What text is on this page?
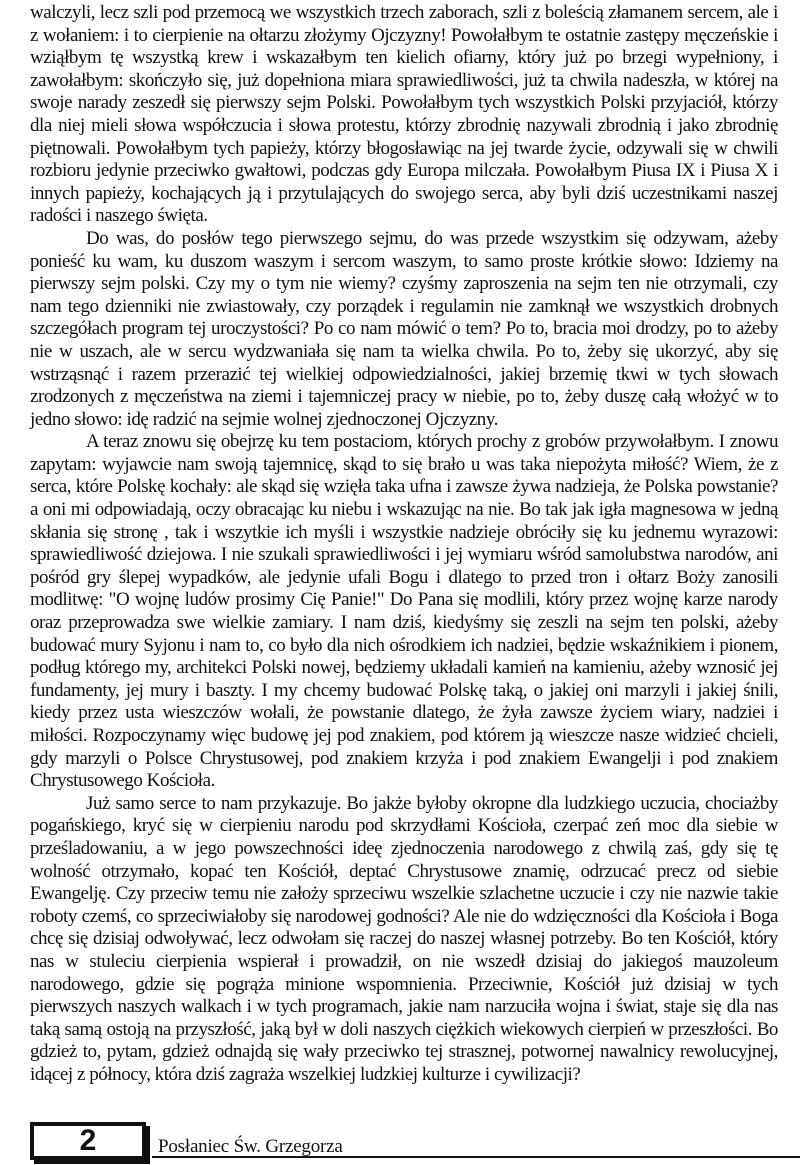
walczyli, lecz szli pod przemocą we wszystkich trzech zaborach, szli z boleścią złamanem sercem, ale i z wołaniem: i to cierpienie na ołtarzu złożymy Ojczyzny! Powołałbym te ostatnie zastępy męczeńskie i wziąłbym tę wszystką krew i wskazałbym ten kielich ofiarny, który już po brzegi wypełniony, i zawołałbym: skończyło się, już dopełniona miara sprawiedliwości, już ta chwila nadeszła, w której na swoje narady zeszedł się pierwszy sejm Polski. Powołałbym tych wszystkich Polski przyjaciół, którzy dla niej mieli słowa współczucia i słowa protestu, którzy zbrodnię nazywali zbrodnią i jako zbrodnię piętnowali. Powołałbym tych papieży, którzy błogosławiąc na jej twarde życie, odzywali się w chwili rozbioru jedynie przeciwko gwałtowi, podczas gdy Europa milczała. Powołałbym Piusa IX i Piusa X i innych papieży, kochających ją i przytulających do swojego serca, aby byli dziś uczestnikami naszej radości i naszego święta.

Do was, do posłów tego pierwszego sejmu, do was przede wszystkim się odzywam, ażeby ponieść ku wam, ku duszom waszym i sercom waszym, to samo proste krótkie słowo: Idziemy na pierwszy sejm polski. Czy my o tym nie wiemy? czyśmy zaproszenia na sejm ten nie otrzymali, czy nam tego dzienniki nie zwiastowały, czy porządek i regulamin nie zamknął we wszystkich drobnych szczegółach program tej uroczystości? Po co nam mówić o tem? Po to, bracia moi drodzy, po to ażeby nie w uszach, ale w sercu wydzwaniała się nam ta wielka chwila. Po to, żeby się ukorzyć, aby się wstrząsnąć i razem przerazić tej wielkiej odpowiedzialności, jakiej brzemię tkwi w tych słowach zrodzonych z męczeństwa na ziemi i tajemniczej pracy w niebie, po to, żeby duszę całą włożyć w to jedno słowo: idę radzić na sejmie wolnej zjednoczonej Ojczyzny.

A teraz znowu się obejrzę ku tem postaciom, których prochy z grobów przywołałbym. I znowu zapytam: wyjawcie nam swoją tajemnicę, skąd to się brało u was taka niepożyta miłość? Wiem, że z serca, które Polskę kochały: ale skąd się wzięła taka ufna i zawsze żywa nadzieja, że Polska powstanie? a oni mi odpowiadają, oczy obracając ku niebu i wskazując na nie. Bo tak jak igła magnesowa w jedną skłania się stronę , tak i wszytkie ich myśli i wszystkie nadzieje obróciły się ku jednemu wyrazowi: sprawiedliwość dziejowa. I nie szukali sprawiedliwości i jej wymiaru wśród samolubstwa narodów, ani pośród gry ślepej wypadków, ale jedynie ufali Bogu i dlatego to przed tron i ołtarz Boży zanosili modlitwę: "O wojnę ludów prosimy Cię Panie!" Do Pana się modlili, który przez wojnę karze narody oraz przeprowadza swe wielkie zamiary. I nam dziś, kiedyśmy się zeszli na sejm ten polski, ażeby budować mury Syjonu i nam to, co było dla nich ośrodkiem ich nadziei, będzie wskaźnikiem i pionem, podług którego my, architekci Polski nowej, będziemy układali kamień na kamieniu, ażeby wznosić jej fundamenty, jej mury i baszty. I my chcemy budować Polskę taką, o jakiej oni marzyli i jakiej śnili, kiedy przez usta wieszczów wołali, że powstanie dlatego, że żyła zawsze życiem wiary, nadziei i miłości. Rozpoczynamy więc budowę jej pod znakiem, pod którem ją wieszcze nasze widzieć chcieli, gdy marzyli o Polsce Chrystusowej, pod znakiem krzyża i pod znakiem Ewangelji i pod znakiem Chrystusowego Kościoła.

Już samo serce to nam przykazuje. Bo jakże byłoby okropne dla ludzkiego uczucia, chociażby pogańskiego, kryć się w cierpieniu narodu pod skrzydłami Kościoła, czerpać zeń moc dla siebie w prześladowaniu, a w jego powszechności ideę zjednoczenia narodowego z chwilą zaś, gdy się tę wolność otrzymało, kopać ten Kościół, deptać Chrystusowe znamię, odrzucać precz od siebie Ewangelję. Czy przeciw temu nie założy sprzeciwu wszelkie szlachetne uczucie i czy nie nazwie takie roboty czemś, co sprzeciwiałoby się narodowej godności? Ale nie do wdzięczności dla Kościoła i Boga chcę się dzisiaj odwoływać, lecz odwołam się raczej do naszej własnej potrzeby. Bo ten Kościół, który nas w stuleciu cierpienia wspierał i prowadził, on nie wszedł dzisiaj do jakiegoś mauzoleum narodowego, gdzie się pogrąża minione wspomnienia. Przeciwnie, Kościół już dzisiaj w tych pierwszych naszych walkach i w tych programach, jakie nam narzuciła wojna i świat, staje się dla nas taką samą ostoją na przyszłość, jaką był w doli naszych ciężkich wiekowych cierpień w przeszłości. Bo gdzież to, pytam, gdzież odnajdą się wały przeciwko tej strasznej, potwornej nawalnicy rewolucyjnej, idącej z północy, która dziś zagraża wszelkiej ludzkiej kulturze i cywilizacji?

2	Posłaniec Św. Grzegorza
